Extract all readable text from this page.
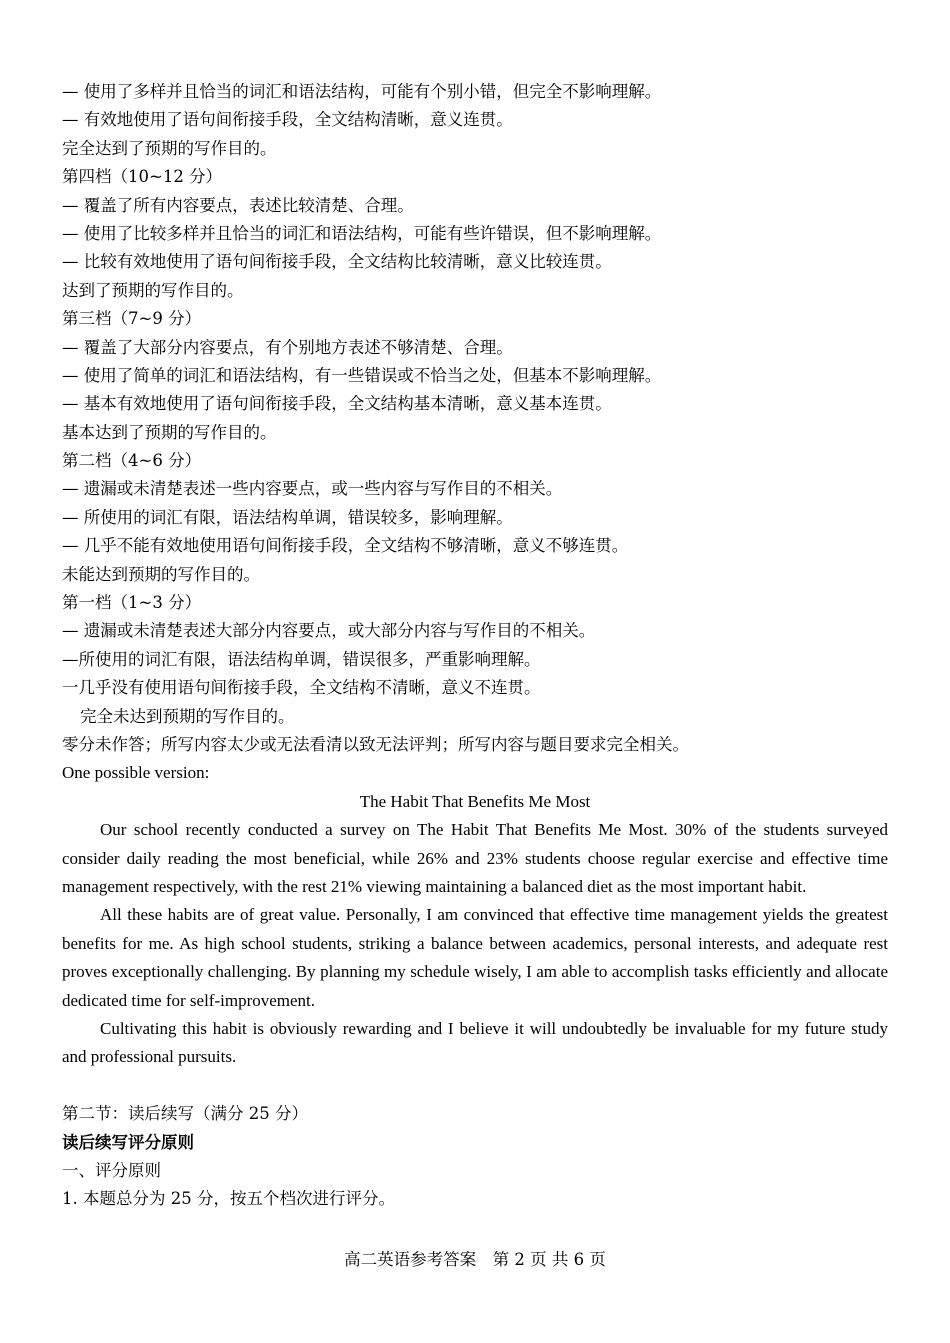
— 使用了多样并且恰当的词汇和语法结构，可能有个别小错，但完全不影响理解。
— 有效地使用了语句间衔接手段，全文结构清晰，意义连贯。
完全达到了预期的写作目的。
第四档（10~12 分）
— 覆盖了所有内容要点，表述比较清楚、合理。
— 使用了比较多样并且恰当的词汇和语法结构，可能有些许错误，但不影响理解。
— 比较有效地使用了语句间衔接手段，全文结构比较清晰，意义比较连贯。
达到了预期的写作目的。
第三档（7~9 分）
— 覆盖了大部分内容要点，有个别地方表述不够清楚、合理。
— 使用了简单的词汇和语法结构，有一些错误或不恰当之处，但基本不影响理解。
— 基本有效地使用了语句间衔接手段，全文结构基本清晰，意义基本连贯。
基本达到了预期的写作目的。
第二档（4~6 分）
— 遗漏或未清楚表述一些内容要点，或一些内容与写作目的不相关。
— 所使用的词汇有限，语法结构单调，错误较多，影响理解。
— 几乎不能有效地使用语句间衔接手段，全文结构不够清晰，意义不够连贯。
未能达到预期的写作目的。
第一档（1~3 分）
— 遗漏或未清楚表述大部分内容要点，或大部分内容与写作目的不相关。
—所使用的词汇有限，语法结构单调，错误很多，严重影响理解。
一几乎没有使用语句间衔接手段，全文结构不清晰，意义不连贯。
完全未达到预期的写作目的。
零分未作答；所写内容太少或无法看清以致无法评判；所写内容与题目要求完全相关。
One possible version:
The Habit That Benefits Me Most

Our school recently conducted a survey on The Habit That Benefits Me Most. 30% of the students surveyed consider daily reading the most beneficial, while 26% and 23% students choose regular exercise and effective time management respectively, with the rest 21% viewing maintaining a balanced diet as the most important habit.

All these habits are of great value. Personally, I am convinced that effective time management yields the greatest benefits for me. As high school students, striking a balance between academics, personal interests, and adequate rest proves exceptionally challenging. By planning my schedule wisely, I am able to accomplish tasks efficiently and allocate dedicated time for self-improvement.

Cultivating this habit is obviously rewarding and I believe it will undoubtedly be invaluable for my future study and professional pursuits.

第二节：读后续写（满分 25 分）
读后续写评分原则
一、评分原则
1. 本题总分为 25 分，按五个档次进行评分。
高二英语参考答案　第 2 页 共 6 页
